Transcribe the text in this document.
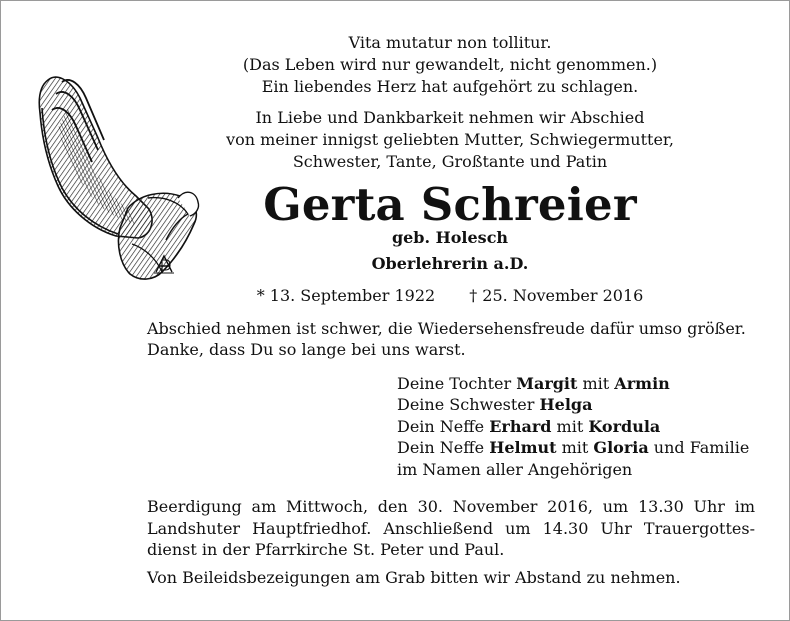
Vita mutatur non tollitur.
(Das Leben wird nur gewandelt, nicht genommen.)
Ein liebendes Herz hat aufgehört zu schlagen.
In Liebe und Dankbarkeit nehmen wir Abschied
von meiner innigst geliebten Mutter, Schwiegermutter,
Schwester, Tante, Großtante und Patin
Gerta Schreier
geb. Holesch
Oberlehrerin a.D.
* 13. September 1922 † 25. November 2016
Abschied nehmen ist schwer, die Wiedersehensfreude dafür umso größer.
Danke, dass Du so lange bei uns warst.
Deine Tochter Margit mit Armin
Deine Schwester Helga
Dein Neffe Erhard mit Kordula
Dein Neffe Helmut mit Gloria und Familie
im Namen aller Angehörigen
Beerdigung am Mittwoch, den 30. November 2016, um 13.30 Uhr im
Landshuter Hauptfriedhof. Anschließend um 14.30 Uhr Trauergottes-
dienst in der Pfarrkirche St. Peter und Paul.
Von Beileidsbezeigungen am Grab bitten wir Abstand zu nehmen.
